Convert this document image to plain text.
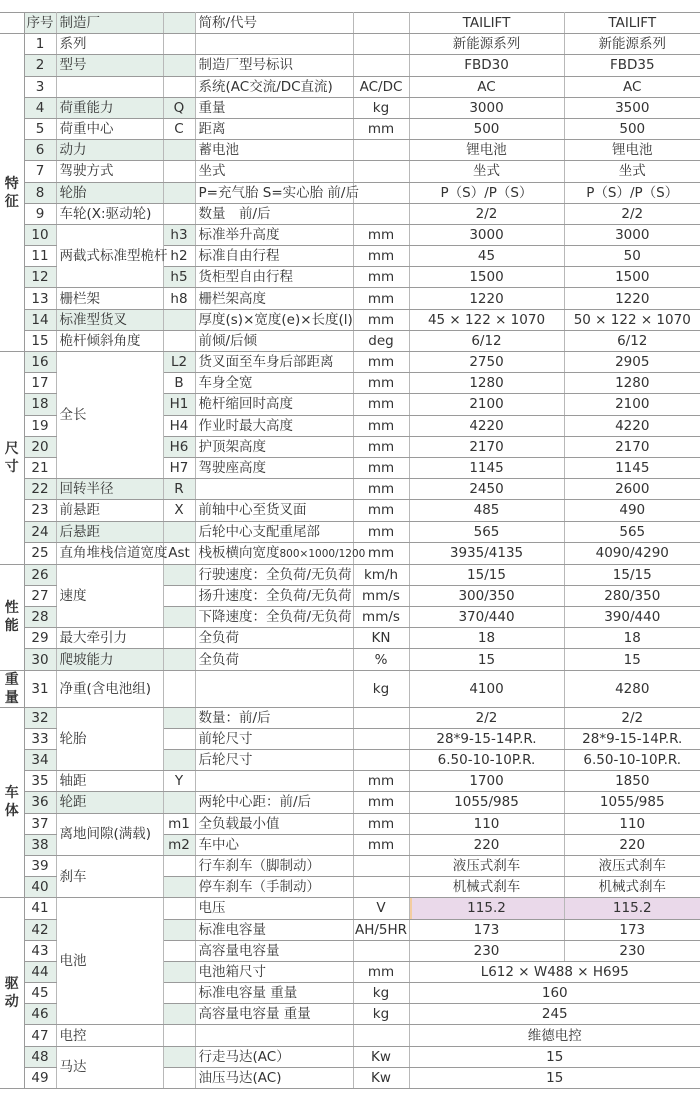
	序号	制造厂		简称/代号		TAILIFT	TAILIFT

特
征	1	系列				新能源系列	新能源系列
	2	型号		制造厂型号标识		FBD30	FBD35
	3			系统(AC交流/DC直流)	AC/DC	AC	AC
	4	荷重能力	Q	重量	kg	3000	3500
	5	荷重中心	C	距离	mm	500	500
	6	动力		蓄电池		锂电池	锂电池
	7	驾驶方式		坐式		坐式	坐式
	8	轮胎		P=充气胎 S=实心胎 前/后		P（S）/P（S）	P（S）/P（S）
	9	车轮(X:驱动轮)		数量　前/后		2/2	2/2
	10	两截式标准型桅杆	h3	标准举升高度	mm	3000	3000
	11		h2	标准自由行程	mm	45	50
	12		h5	货柜型自由行程	mm	1500	1500
	13	栅栏架	h8	栅栏架高度	mm	1220	1220
	14	标准型货叉		厚度(s)×宽度(e)×长度(l)	mm	45 × 122 × 1070	50 × 122 × 1070
	15	桅杆倾斜角度		前倾/后倾	deg	6/12	6/12

尺
寸	16	全长	L2	货叉面至车身后部距离	mm	2750	2905
	17		B	车身全宽	mm	1280	1280
	18		H1	桅杆缩回时高度	mm	2100	2100
	19		H4	作业时最大高度	mm	4220	4220
	20		H6	护顶架高度	mm	2170	2170
	21		H7	驾驶座高度	mm	1145	1145
	22	回转半径	R		mm	2450	2600
	23	前悬距	X	前轴中心至货叉面	mm	485	490
	24	后悬距		后轮中心支配重尾部	mm	565	565
	25	直角堆栈信道宽度	Ast	栈板横向宽度800×1000/1200	mm	3935/4135	4090/4290

性
能	26	速度		行驶速度：全负荷/无负荷	km/h	15/15	15/15
	27			扬升速度：全负荷/无负荷	mm/s	300/350	280/350
	28			下降速度：全负荷/无负荷	mm/s	370/440	390/440
	29	最大牵引力		全负荷	KN	18	18
	30	爬坡能力		全负荷	%	15	15

重
量	31	净重(含电池组)			kg	4100	4280

车
体	32	轮胎		数量：前/后		2/2	2/2
	33			前轮尺寸		28*9-15-14P.R.	28*9-15-14P.R.
	34			后轮尺寸		6.50-10-10P.R.	6.50-10-10P.R.
	35	轴距	Y		mm	1700	1850
	36	轮距		两轮中心距：前/后	mm	1055/985	1055/985
	37	离地间隙(满载)	m1	全负载最小值	mm	110	110
	38		m2	车中心	mm	220	220
	39	刹车		行车刹车（脚制动）		液压式刹车	液压式刹车
	40			停车刹车（手制动）		机械式刹车	机械式刹车

驱
动	41	电池		电压	V	115.2	115.2
	42			标准电容量	AH/5HR	173	173
	43			高容量电容量		230	230
	44			电池箱尺寸	mm	L612 × W488 × H695	
	45			标准电容量 重量	kg	160	
	46			高容量电容量 重量	kg	245	
	47	电控				维德电控	
	48	马达		行走马达(AC）	Kw	15	
	49			油压马达(AC)	Kw	15	
